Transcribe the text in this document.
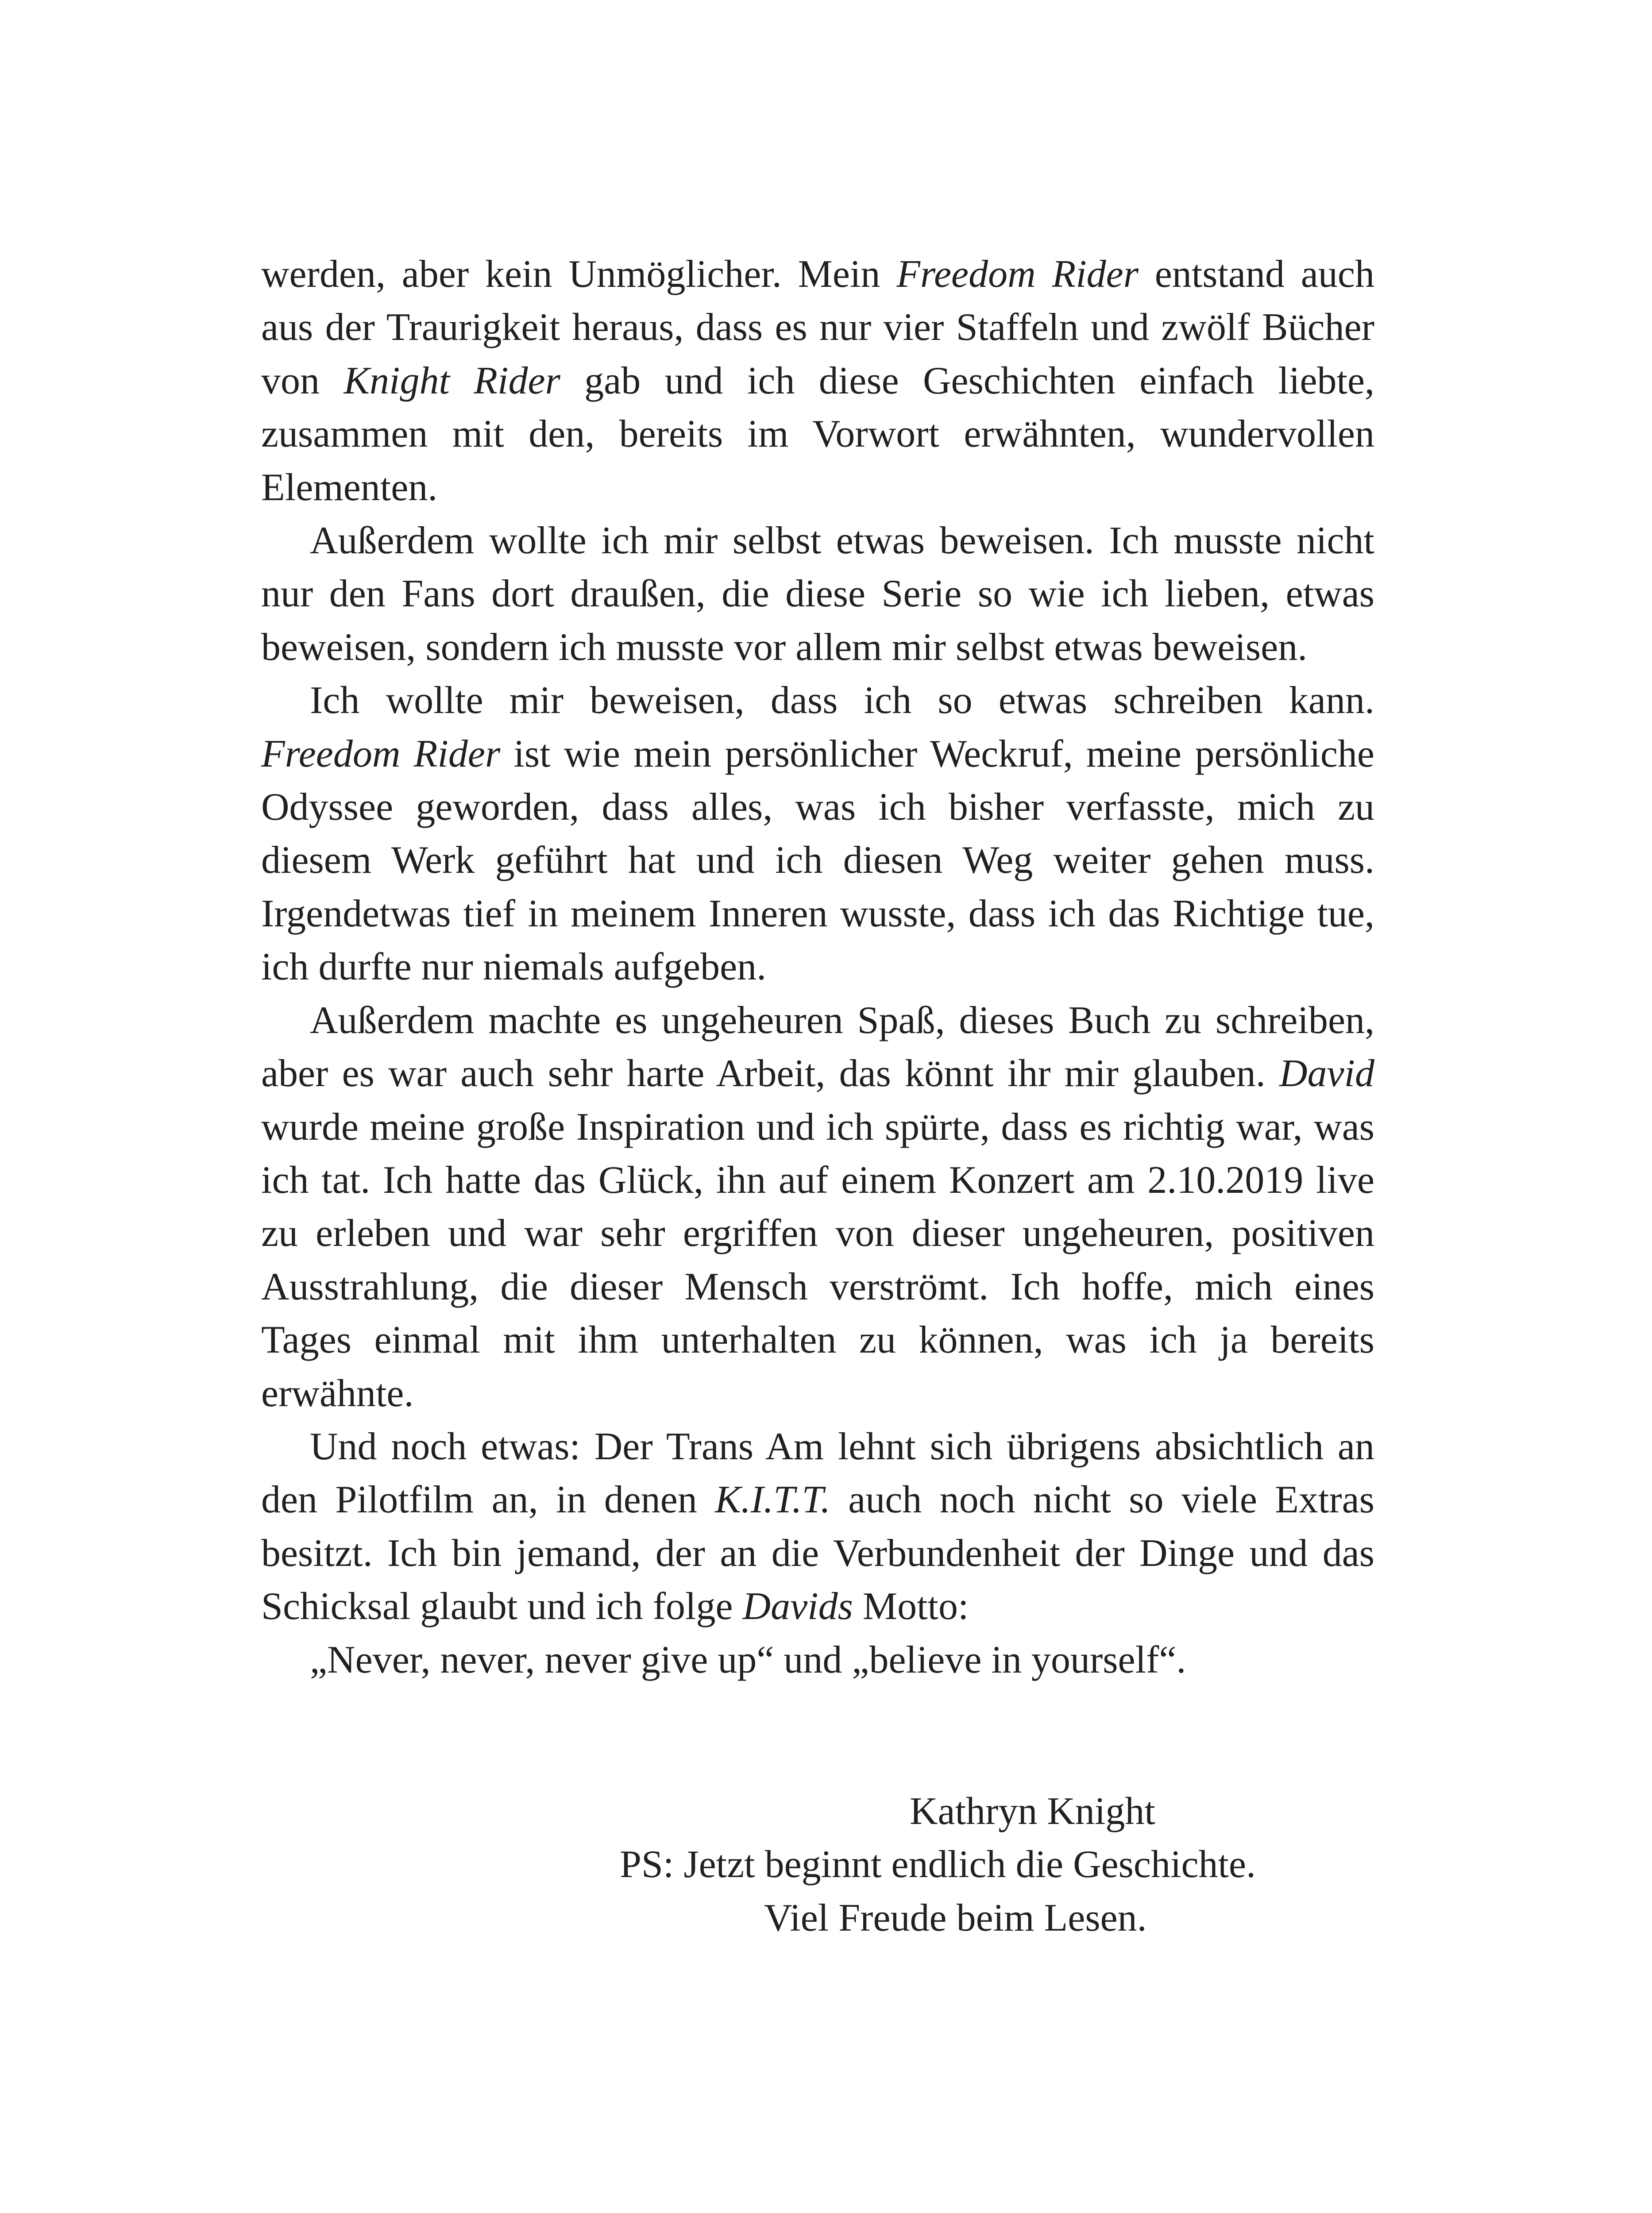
werden, aber kein Unmöglicher. Mein Freedom Rider entstand auch aus der Traurigkeit heraus, dass es nur vier Staffeln und zwölf Bücher von Knight Rider gab und ich diese Geschichten einfach liebte, zusammen mit den, bereits im Vorwort erwähnten, wundervollen Elementen.

Außerdem wollte ich mir selbst etwas beweisen. Ich musste nicht nur den Fans dort draußen, die diese Serie so wie ich lieben, etwas beweisen, sondern ich musste vor allem mir selbst etwas beweisen.

Ich wollte mir beweisen, dass ich so etwas schreiben kann. Freedom Rider ist wie mein persönlicher Weckruf, meine persönliche Odyssee geworden, dass alles, was ich bisher verfasste, mich zu diesem Werk geführt hat und ich diesen Weg weiter gehen muss. Irgendetwas tief in meinem Inneren wusste, dass ich das Richtige tue, ich durfte nur niemals aufgeben.

Außerdem machte es ungeheuren Spaß, dieses Buch zu schreiben, aber es war auch sehr harte Arbeit, das könnt ihr mir glauben. David wurde meine große Inspiration und ich spürte, dass es richtig war, was ich tat. Ich hatte das Glück, ihn auf einem Konzert am 2.10.2019 live zu erleben und war sehr ergriffen von dieser ungeheuren, positiven Ausstrahlung, die dieser Mensch verströmt. Ich hoffe, mich eines Tages einmal mit ihm unterhalten zu können, was ich ja bereits erwähnte.

Und noch etwas: Der Trans Am lehnt sich übrigens absichtlich an den Pilotfilm an, in denen K.I.T.T. auch noch nicht so viele Extras besitzt. Ich bin jemand, der an die Verbundenheit der Dinge und das Schicksal glaubt und ich folge Davids Motto:

„Never, never, never give up“ und „believe in yourself“.

Kathryn Knight
PS: Jetzt beginnt endlich die Geschichte.
Viel Freude beim Lesen.
